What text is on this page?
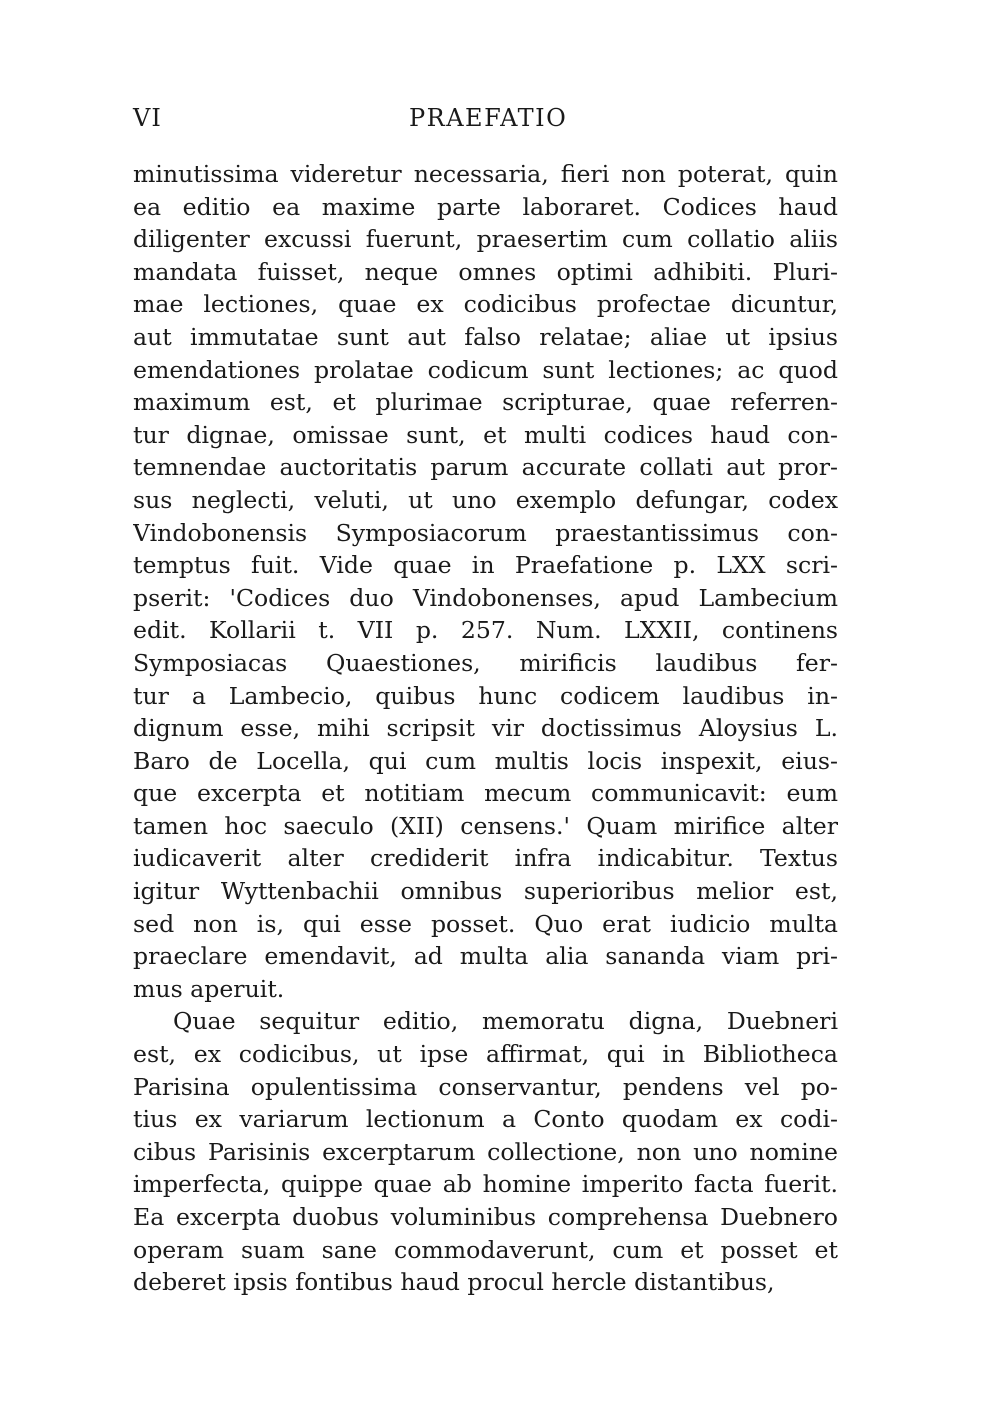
VI	PRAEFATIO
minutissima videretur necessaria, fieri non poterat, quin
ea editio ea maxime parte laboraret. Codices haud
diligenter excussi fuerunt, praesertim cum collatio aliis
mandata fuisset, neque omnes optimi adhibiti. Pluri-
mae lectiones, quae ex codicibus profectae dicuntur,
aut immutatae sunt aut falso relatae; aliae ut ipsius
emendationes prolatae codicum sunt lectiones; ac quod
maximum est, et plurimae scripturae, quae referren-
tur dignae, omissae sunt, et multi codices haud con-
temnendae auctoritatis parum accurate collati aut pror-
sus neglecti, veluti, ut uno exemplo defungar, codex
Vindobonensis Symposiacorum praestantissimus con-
temptus fuit. Vide quae in Praefatione p. LXX scri-
pserit: 'Codices duo Vindobonenses, apud Lambecium
edit. Kollarii t. VII p. 257. Num. LXXII, continens
Symposiacas Quaestiones, mirificis laudibus fer-
tur a Lambecio, quibus hunc codicem laudibus in-
dignum esse, mihi scripsit vir doctissimus Aloysius L.
Baro de Locella, qui cum multis locis inspexit, eius-
que excerpta et notitiam mecum communicavit: eum
tamen hoc saeculo (XII) censens.' Quam mirifice alter
iudicaverit alter crediderit infra indicabitur. Textus
igitur Wyttenbachii omnibus superioribus melior est,
sed non is, qui esse posset. Quo erat iudicio multa
praeclare emendavit, ad multa alia sananda viam pri-
mus aperuit.
Quae sequitur editio, memoratu digna, Duebneri
est, ex codicibus, ut ipse affirmat, qui in Bibliotheca
Parisina opulentissima conservantur, pendens vel po-
tius ex variarum lectionum a Conto quodam ex codi-
cibus Parisinis excerptarum collectione, non uno nomine
imperfecta, quippe quae ab homine imperito facta fuerit.
Ea excerpta duobus voluminibus comprehensa Duebnero
operam suam sane commodaverunt, cum et posset et
deberet ipsis fontibus haud procul hercle distantibus,
